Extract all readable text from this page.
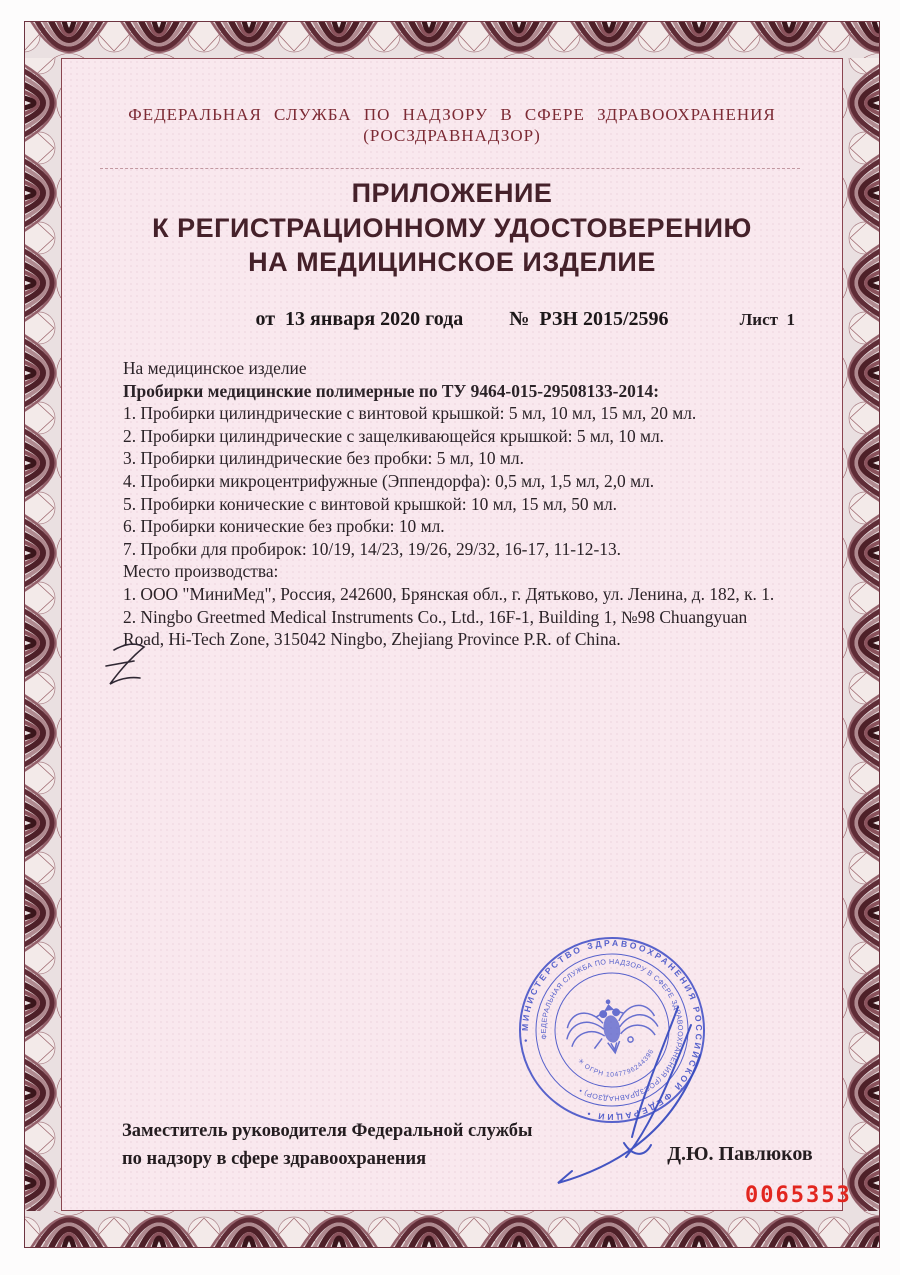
ФЕДЕРАЛЬНАЯ СЛУЖБА ПО НАДЗОРУ В СФЕРЕ ЗДРАВООХРАНЕНИЯ
(РОСЗДРАВНАДЗОР)
ПРИЛОЖЕНИЕ
К РЕГИСТРАЦИОННОМУ УДОСТОВЕРЕНИЮ
НА МЕДИЦИНСКОЕ ИЗДЕЛИЕ

от  13 января 2020 года №  РЗН 2015/2596
	Лист  1
На медицинское изделие
Пробирки медицинские полимерные по ТУ 9464-015-29508133-2014:
1. Пробирки цилиндрические с винтовой крышкой: 5 мл, 10 мл, 15 мл, 20 мл.
2. Пробирки цилиндрические с защелкивающейся крышкой: 5 мл, 10 мл.
3. Пробирки цилиндрические без пробки: 5 мл, 10 мл.
4. Пробирки микроцентрифужные (Эппендорфа): 0,5 мл, 1,5 мл, 2,0 мл.
5. Пробирки конические с винтовой крышкой: 10 мл, 15 мл, 50 мл.
6. Пробирки конические без пробки: 10 мл.
7. Пробки для пробирок: 10/19, 14/23, 19/26, 29/32, 16-17, 11-12-13.
Место производства:
1. ООО "МиниМед", Россия, 242600, Брянская обл., г. Дятьково, ул. Ленина, д. 182, к. 1.
2. Ningbo Greetmed Medical Instruments Co., Ltd., 16F-1, Building 1, №98 Chuangyuan
Road, Hi-Tech Zone, 315042 Ningbo, Zhejiang Province P.R. of China.
• МИНИСТЕРСТВО ЗДРАВООХРАНЕНИЯ РОССИЙСКОЙ ФЕДЕРАЦИИ •
ФЕДЕРАЛЬНАЯ СЛУЖБА ПО НАДЗОРУ В СФЕРЕ ЗДРАВООХРАНЕНИЯ (РОСЗДРАВНАДЗОР) •
✳ ОГРН 1047796244396
Заместитель руководителя Федеральной службы
по надзору в сфере здравоохранения	Д.Ю. Павлюков
0065353
